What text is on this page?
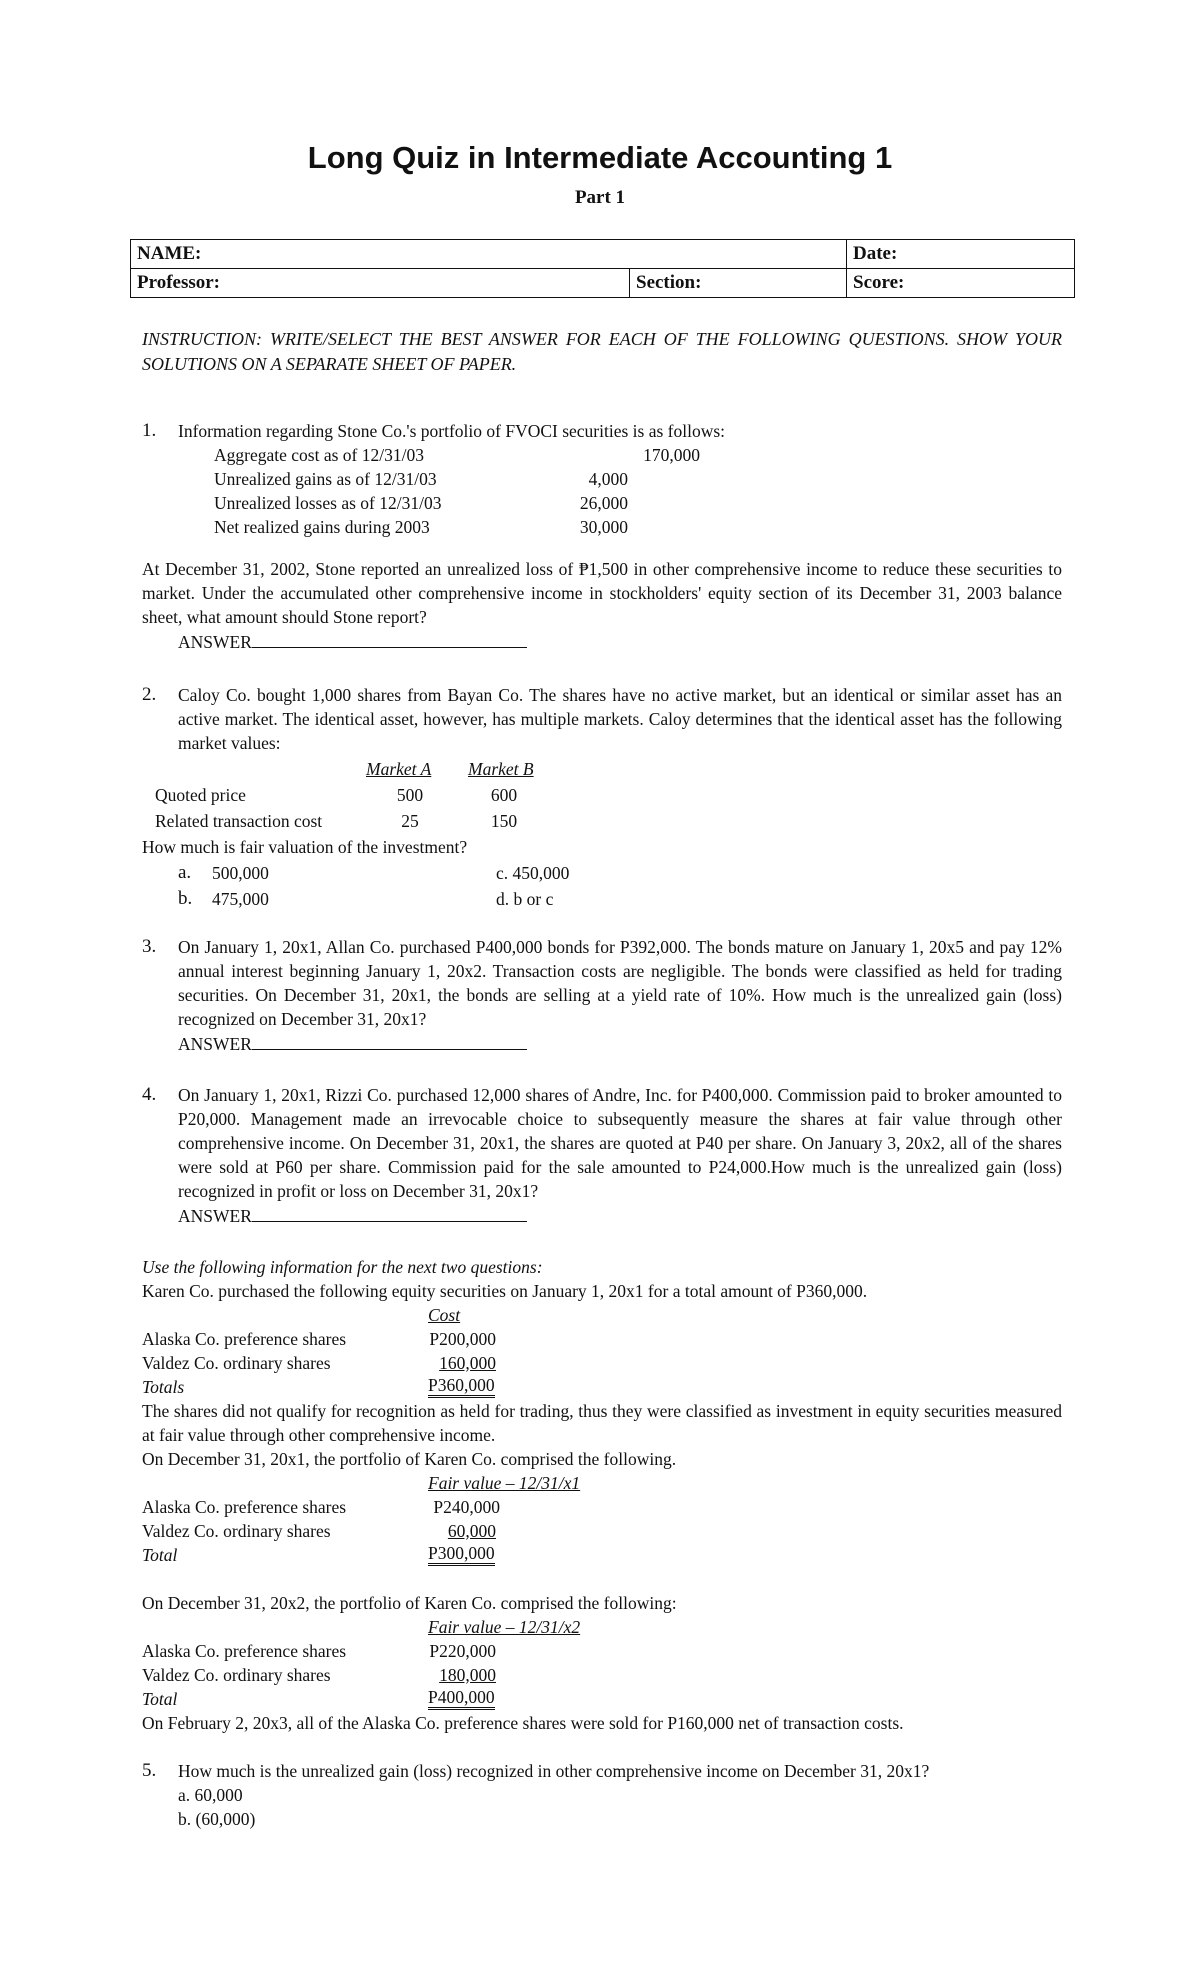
Long Quiz in Intermediate Accounting 1
Part 1
NAME:		Date:
Professor:	Section:	Score:
INSTRUCTION: WRITE/SELECT THE BEST ANSWER FOR EACH OF THE FOLLOWING QUESTIONS. SHOW YOUR SOLUTIONS ON A SEPARATE SHEET OF PAPER.
1. Information regarding Stone Co.'s portfolio of FVOCI securities is as follows:
Aggregate cost as of 12/31/03	170,000
Unrealized gains as of 12/31/03	4,000
Unrealized losses as of 12/31/03	26,000
Net realized gains during 2003	30,000
At December 31, 2002, Stone reported an unrealized loss of ₱1,500 in other comprehensive income to reduce these securities to market. Under the accumulated other comprehensive income in stockholders' equity section of its December 31, 2003 balance sheet, what amount should Stone report?
ANSWER
2. Caloy Co. bought 1,000 shares from Bayan Co. The shares have no active market, but an identical or similar asset has an active market. The identical asset, however, has multiple markets. Caloy determines that the identical asset has the following market values:
Market A Market B
Quoted price	500	600
Related transaction cost	25	150
How much is fair valuation of the investment?
a. 500,000	c. 450,000
b. 475,000	d. b or c
3. On January 1, 20x1, Allan Co. purchased P400,000 bonds for P392,000. The bonds mature on January 1, 20x5 and pay 12% annual interest beginning January 1, 20x2. Transaction costs are negligible. The bonds were classified as held for trading securities. On December 31, 20x1, the bonds are selling at a yield rate of 10%. How much is the unrealized gain (loss) recognized on December 31, 20x1?
ANSWER
4. On January 1, 20x1, Rizzi Co. purchased 12,000 shares of Andre, Inc. for P400,000. Commission paid to broker amounted to P20,000. Management made an irrevocable choice to subsequently measure the shares at fair value through other comprehensive income. On December 31, 20x1, the shares are quoted at P40 per share. On January 3, 20x2, all of the shares were sold at P60 per share. Commission paid for the sale amounted to P24,000.How much is the unrealized gain (loss) recognized in profit or loss on December 31, 20x1?
ANSWER
Use the following information for the next two questions:
Karen Co. purchased the following equity securities on January 1, 20x1 for a total amount of P360,000.
Cost
Alaska Co. preference shares	P200,000
Valdez Co. ordinary shares	160,000
Totals	P360,000
The shares did not qualify for recognition as held for trading, thus they were classified as investment in equity securities measured at fair value through other comprehensive income.
On December 31, 20x1, the portfolio of Karen Co. comprised the following.
Fair value – 12/31/x1
Alaska Co. preference shares	P240,000
Valdez Co. ordinary shares	60,000
Total	P300,000
On December 31, 20x2, the portfolio of Karen Co. comprised the following:
Fair value – 12/31/x2
Alaska Co. preference shares	P220,000
Valdez Co. ordinary shares	180,000
Total	P400,000
On February 2, 20x3, all of the Alaska Co. preference shares were sold for P160,000 net of transaction costs.
5. How much is the unrealized gain (loss) recognized in other comprehensive income on December 31, 20x1?
a. 60,000
b. (60,000)
